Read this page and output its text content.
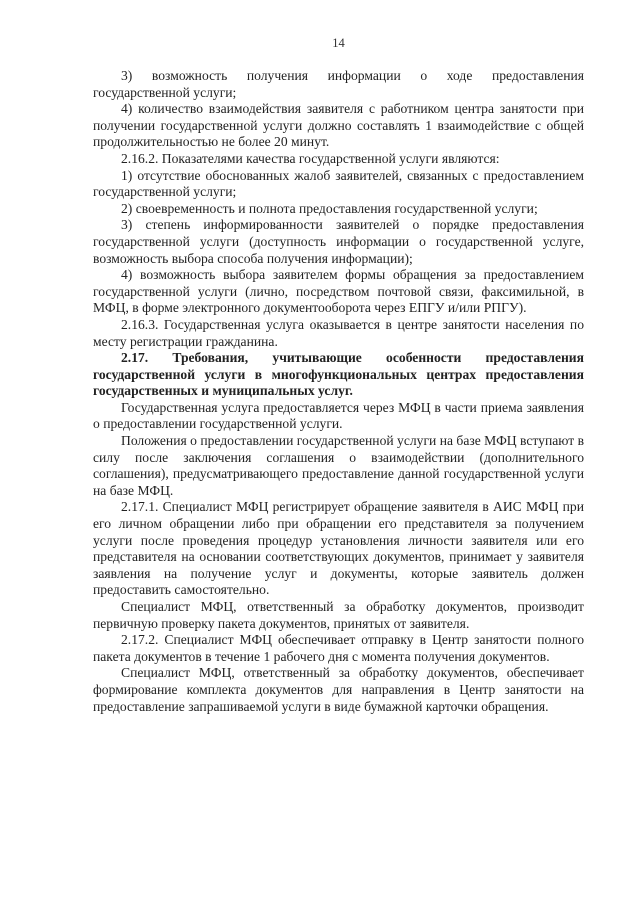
14

3) возможность получения информации о ходе предоставления государственной услуги;

4) количество взаимодействия заявителя с работником центра занятости при получении государственной услуги должно составлять 1 взаимодействие с общей продолжительностью не более 20 минут.

2.16.2. Показателями качества государственной услуги являются:

1) отсутствие обоснованных жалоб заявителей, связанных с предоставлением государственной услуги;

2) своевременность и полнота предоставления государственной услуги;

3) степень информированности заявителей о порядке предоставления государственной услуги (доступность информации о государственной услуге, возможность выбора способа получения информации);

4) возможность выбора заявителем формы обращения за предоставлением государственной услуги (лично, посредством почтовой связи, факсимильной, в МФЦ, в форме электронного документооборота через ЕПГУ и/или РПГУ).

2.16.3. Государственная услуга оказывается в центре занятости населения по месту регистрации гражданина.

2.17. Требования, учитывающие особенности предоставления государственной услуги в многофункциональных центрах предоставления государственных и муниципальных услуг.

Государственная услуга предоставляется через МФЦ в части приема заявления о предоставлении государственной услуги.

Положения о предоставлении государственной услуги на базе МФЦ вступают в силу после заключения соглашения о взаимодействии (дополнительного соглашения), предусматривающего предоставление данной государственной услуги на базе МФЦ.

2.17.1. Специалист МФЦ регистрирует обращение заявителя в АИС МФЦ при его личном обращении либо при обращении его представителя за получением услуги после проведения процедур установления личности заявителя или его представителя на основании соответствующих документов, принимает у заявителя заявления на получение услуг и документы, которые заявитель должен предоставить самостоятельно.

Специалист МФЦ, ответственный за обработку документов, производит первичную проверку пакета документов, принятых от заявителя.

2.17.2. Специалист МФЦ обеспечивает отправку в Центр занятости полного пакета документов в течение 1 рабочего дня с момента получения документов.

Специалист МФЦ, ответственный за обработку документов, обеспечивает формирование комплекта документов для направления в Центр занятости на предоставление запрашиваемой услуги в виде бумажной карточки обращения.
